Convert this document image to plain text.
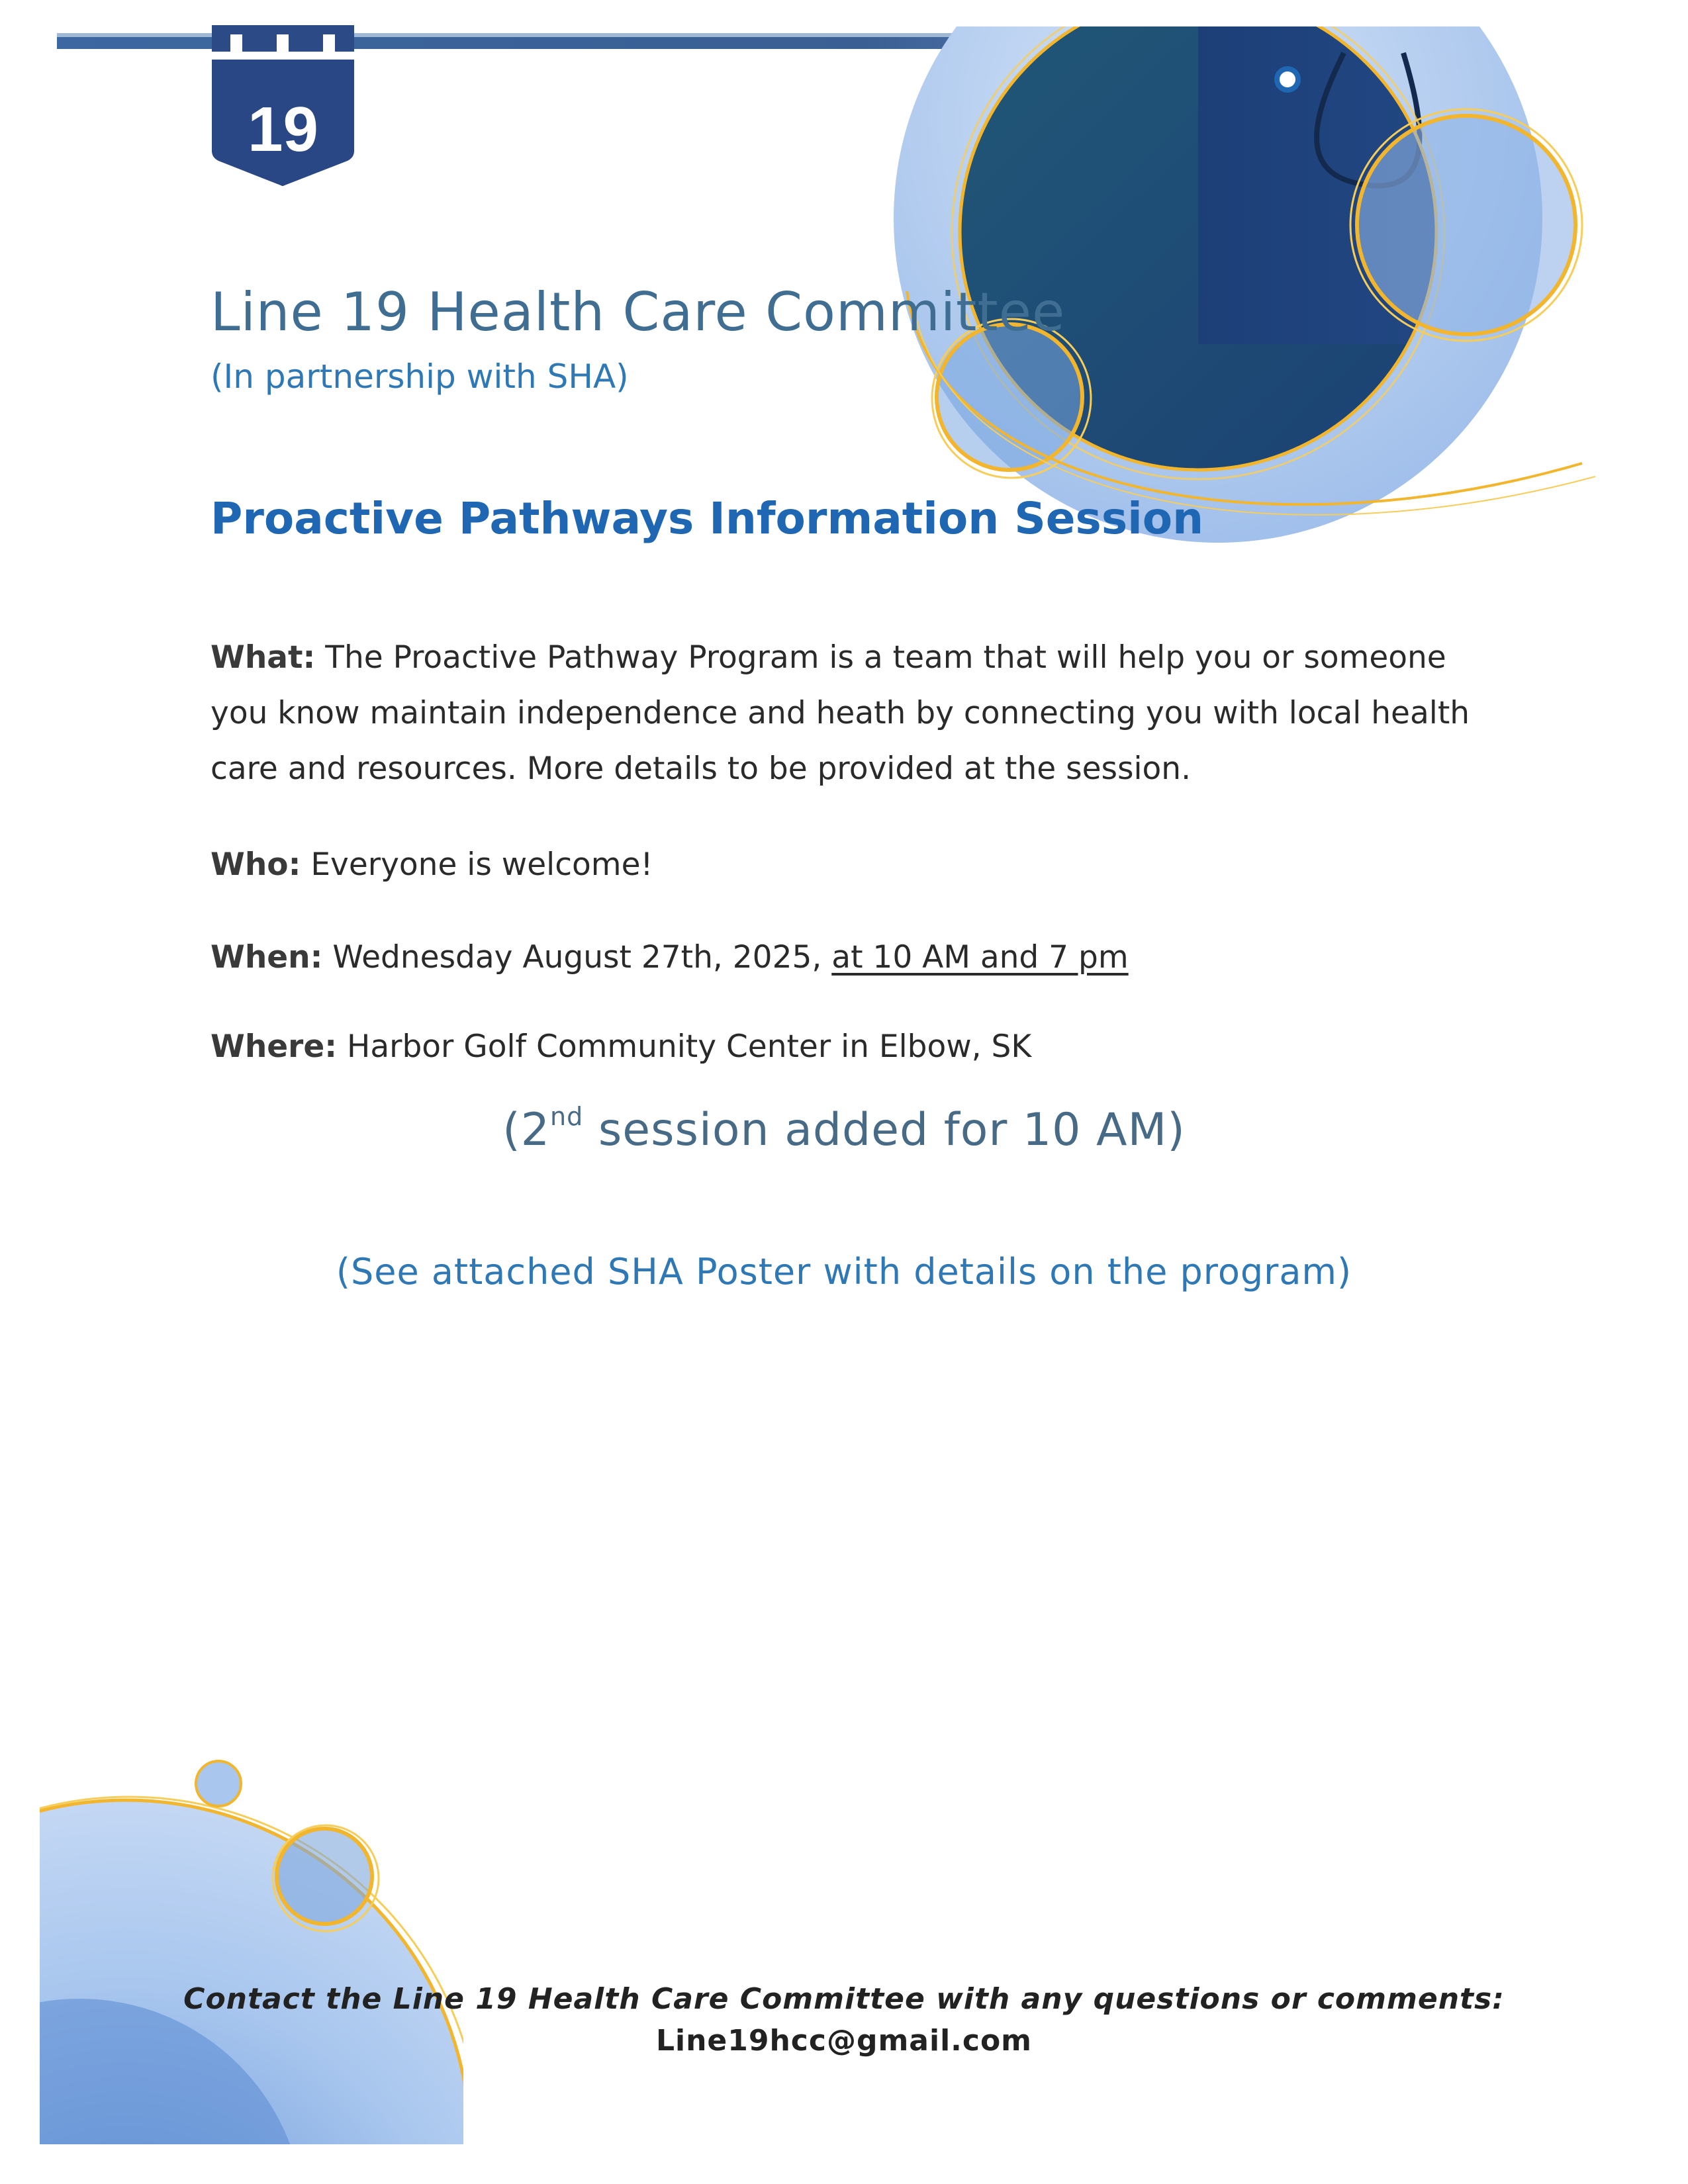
19
Line 19 Health Care Committee
(In partnership with SHA)
Proactive Pathways Information Session
What: The Proactive Pathway Program is a team that will help you or someone you know maintain independence and heath by connecting you with local health care and resources. More details to be provided at the session.
Who: Everyone is welcome!
When: Wednesday August 27th, 2025, at 10 AM and 7 pm
Where: Harbor Golf Community Center in Elbow, SK
(2nd session added for 10 AM)
(See attached SHA Poster with details on the program)
Contact the Line 19 Health Care Committee with any questions or comments:
Line19hcc@gmail.com
